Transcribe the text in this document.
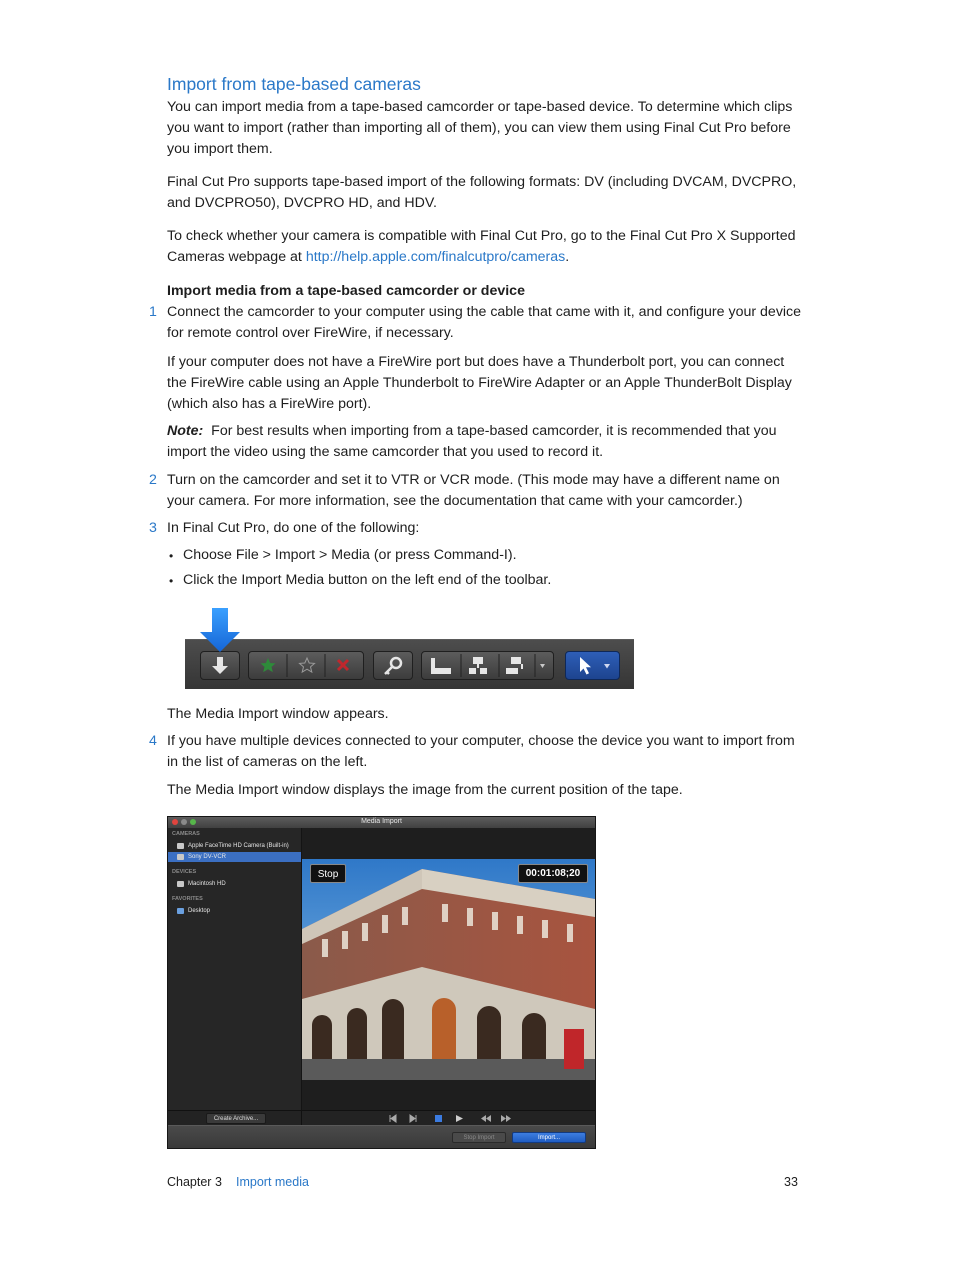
Import from tape-based cameras
You can import media from a tape-based camcorder or tape-based device. To determine which clips you want to import (rather than importing all of them), you can view them using Final Cut Pro before you import them.
Final Cut Pro supports tape-based import of the following formats: DV (including DVCAM, DVCPRO, and DVCPRO50), DVCPRO HD, and HDV.
To check whether your camera is compatible with Final Cut Pro, go to the Final Cut Pro X Supported Cameras webpage at http://help.apple.com/finalcutpro/cameras.
Import media from a tape-based camcorder or device
1 Connect the camcorder to your computer using the cable that came with it, and configure your device for remote control over FireWire, if necessary.
If your computer does not have a FireWire port but does have a Thunderbolt port, you can connect the FireWire cable using an Apple Thunderbolt to FireWire Adapter or an Apple ThunderBolt Display (which also has a FireWire port).
Note: For best results when importing from a tape-based camcorder, it is recommended that you import the video using the same camcorder that you used to record it.
2 Turn on the camcorder and set it to VTR or VCR mode. (This mode may have a different name on your camera. For more information, see the documentation that came with your camcorder.)
3 In Final Cut Pro, do one of the following:
• Choose File > Import > Media (or press Command-I).
• Click the Import Media button on the left end of the toolbar.
The Media Import window appears.
4 If you have multiple devices connected to your computer, choose the device you want to import from in the list of cameras on the left.
The Media Import window displays the image from the current position of the tape.
Media Import
CAMERAS
Apple FaceTime HD Camera (Built-in)
Sony DV-VCR
DEVICES
Macintosh HD
FAVORITES
Desktop
Stop	00:01:08;20
Create Archive...
Stop Import	Import...
Chapter 3 Import media	33
